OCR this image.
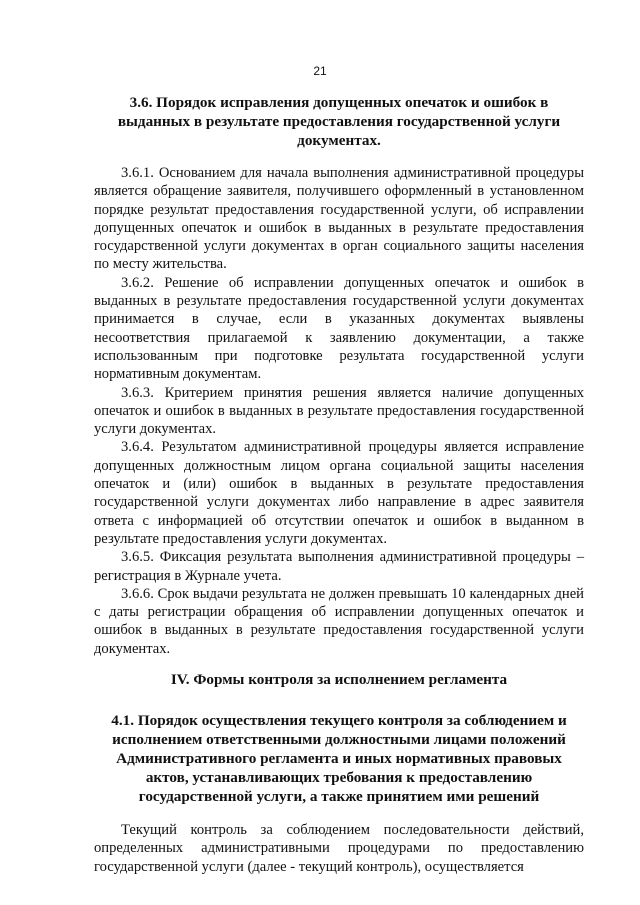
21
3.6. Порядок исправления допущенных опечаток и ошибок в выданных в результате предоставления государственной услуги документах.

3.6.1. Основанием для начала выполнения административной процедуры является обращение заявителя, получившего оформленный в установленном порядке результат предоставления государственной услуги, об исправлении допущенных опечаток и ошибок в выданных в результате предоставления государственной услуги документах в орган социального защиты населения по месту жительства.

3.6.2. Решение об исправлении допущенных опечаток и ошибок в выданных в результате предоставления государственной услуги документах принимается в случае, если в указанных документах выявлены несоответствия прилагаемой к заявлению документации, а также использованным при подготовке результата государственной услуги нормативным документам.

3.6.3. Критерием принятия решения является наличие допущенных опечаток и ошибок в выданных в результате предоставления государственной услуги документах.

3.6.4. Результатом административной процедуры является исправление допущенных должностным лицом органа социальной защиты населения опечаток и (или) ошибок в выданных в результате предоставления государственной услуги документах либо направление в адрес заявителя ответа с информацией об отсутствии опечаток и ошибок в выданном в результате предоставления услуги документах.

3.6.5. Фиксация результата выполнения административной процедуры – регистрация в Журнале учета.

3.6.6. Срок выдачи результата не должен превышать 10 календарных дней с даты регистрации обращения об исправлении допущенных опечаток и ошибок в выданных в результате предоставления государственной услуги документах.

IV. Формы контроля за исполнением регламента
4.1. Порядок осуществления текущего контроля за соблюдением и исполнением ответственными должностными лицами положений Административного регламента и иных нормативных правовых актов, устанавливающих требования к предоставлению государственной услуги, а также принятием ими решений

Текущий контроль за соблюдением последовательности действий, определенных административными процедурами по предоставлению государственной услуги (далее - текущий контроль), осуществляется
